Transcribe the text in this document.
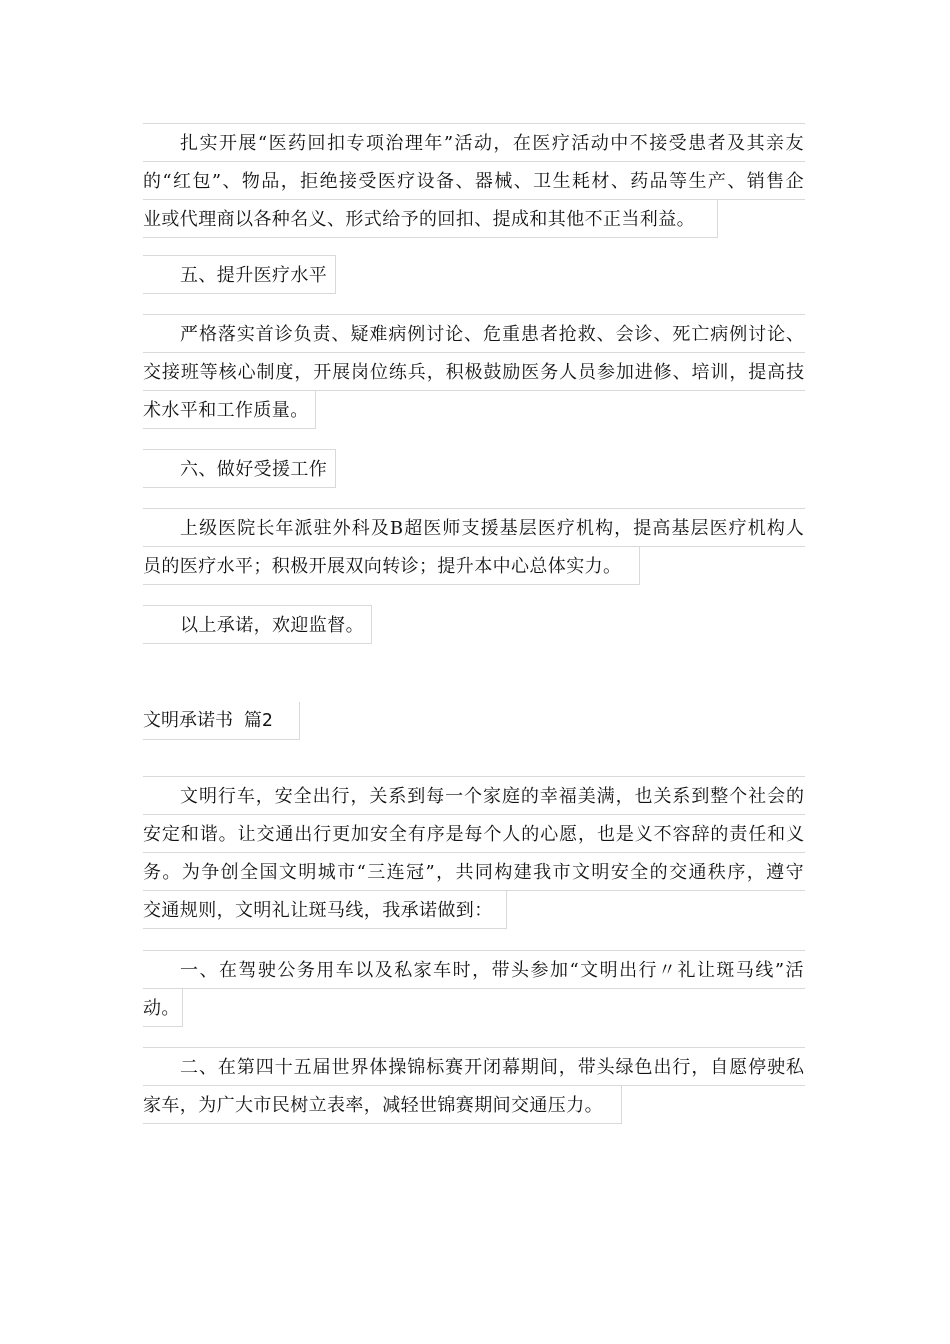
扎实开展“医药回扣专项治理年”活动，在医疗活动中不接受患者及其亲友
的“红包”、物品，拒绝接受医疗设备、器械、卫生耗材、药品等生产、销售企
业或代理商以各种名义、形式给予的回扣、提成和其他不正当利益。
五、提升医疗水平
严格落实首诊负责、疑难病例讨论、危重患者抢救、会诊、死亡病例讨论、
交接班等核心制度，开展岗位练兵，积极鼓励医务人员参加进修、培训，提高技
术水平和工作质量。
六、做好受援工作
上级医院长年派驻外科及B超医师支援基层医疗机构，提高基层医疗机构人
员的医疗水平；积极开展双向转诊；提升本中心总体实力。
以上承诺，欢迎监督。
文明承诺书 篇2
文明行车，安全出行，关系到每一个家庭的幸福美满，也关系到整个社会的
安定和谐。让交通出行更加安全有序是每个人的心愿，也是义不容辞的责任和义
务。为争创全国文明城市“三连冠”，共同构建我市文明安全的交通秩序，遵守
交通规则，文明礼让斑马线，我承诺做到：
一、在驾驶公务用车以及私家车时，带头参加“文明出行〃礼让斑马线”活
动。
二、在第四十五届世界体操锦标赛开闭幕期间，带头绿色出行，自愿停驶私
家车，为广大市民树立表率，减轻世锦赛期间交通压力。
